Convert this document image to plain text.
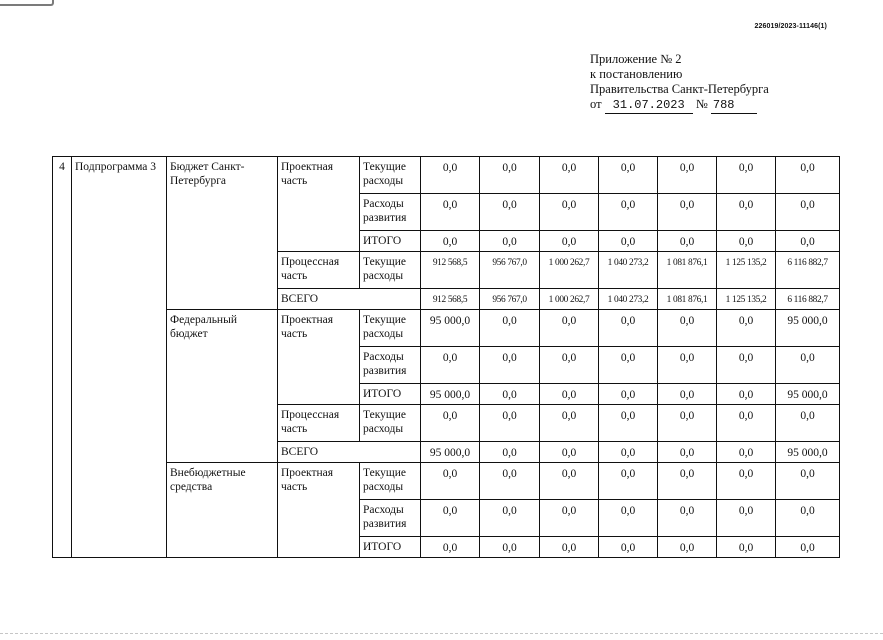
226019/2023-11146(1)
Приложение № 2
к постановлению
Правительства Санкт-Петербурга
от 31.07.2023 № 788
4	Подпрограмма 3	Бюджет Санкт-Петербурга	Проектная часть	Текущие расходы	0,0	0,0	0,0	0,0	0,0	0,0	0,0
				Расходы развития	0,0	0,0	0,0	0,0	0,0	0,0	0,0
				ИТОГО	0,0	0,0	0,0	0,0	0,0	0,0	0,0
			Процессная часть	Текущие расходы	912 568,5	956 767,0	1 000 262,7	1 040 273,2	1 081 876,1	1 125 135,2	6 116 882,7
			ВСЕГО		912 568,5	956 767,0	1 000 262,7	1 040 273,2	1 081 876,1	1 125 135,2	6 116 882,7
		Федеральный бюджет	Проектная часть	Текущие расходы	95 000,0	0,0	0,0	0,0	0,0	0,0	95 000,0
				Расходы развития	0,0	0,0	0,0	0,0	0,0	0,0	0,0
				ИТОГО	95 000,0	0,0	0,0	0,0	0,0	0,0	95 000,0
			Процессная часть	Текущие расходы	0,0	0,0	0,0	0,0	0,0	0,0	0,0
			ВСЕГО		95 000,0	0,0	0,0	0,0	0,0	0,0	95 000,0
		Внебюджетные средства	Проектная часть	Текущие расходы	0,0	0,0	0,0	0,0	0,0	0,0	0,0
				Расходы развития	0,0	0,0	0,0	0,0	0,0	0,0	0,0
				ИТОГО	0,0	0,0	0,0	0,0	0,0	0,0	0,0
